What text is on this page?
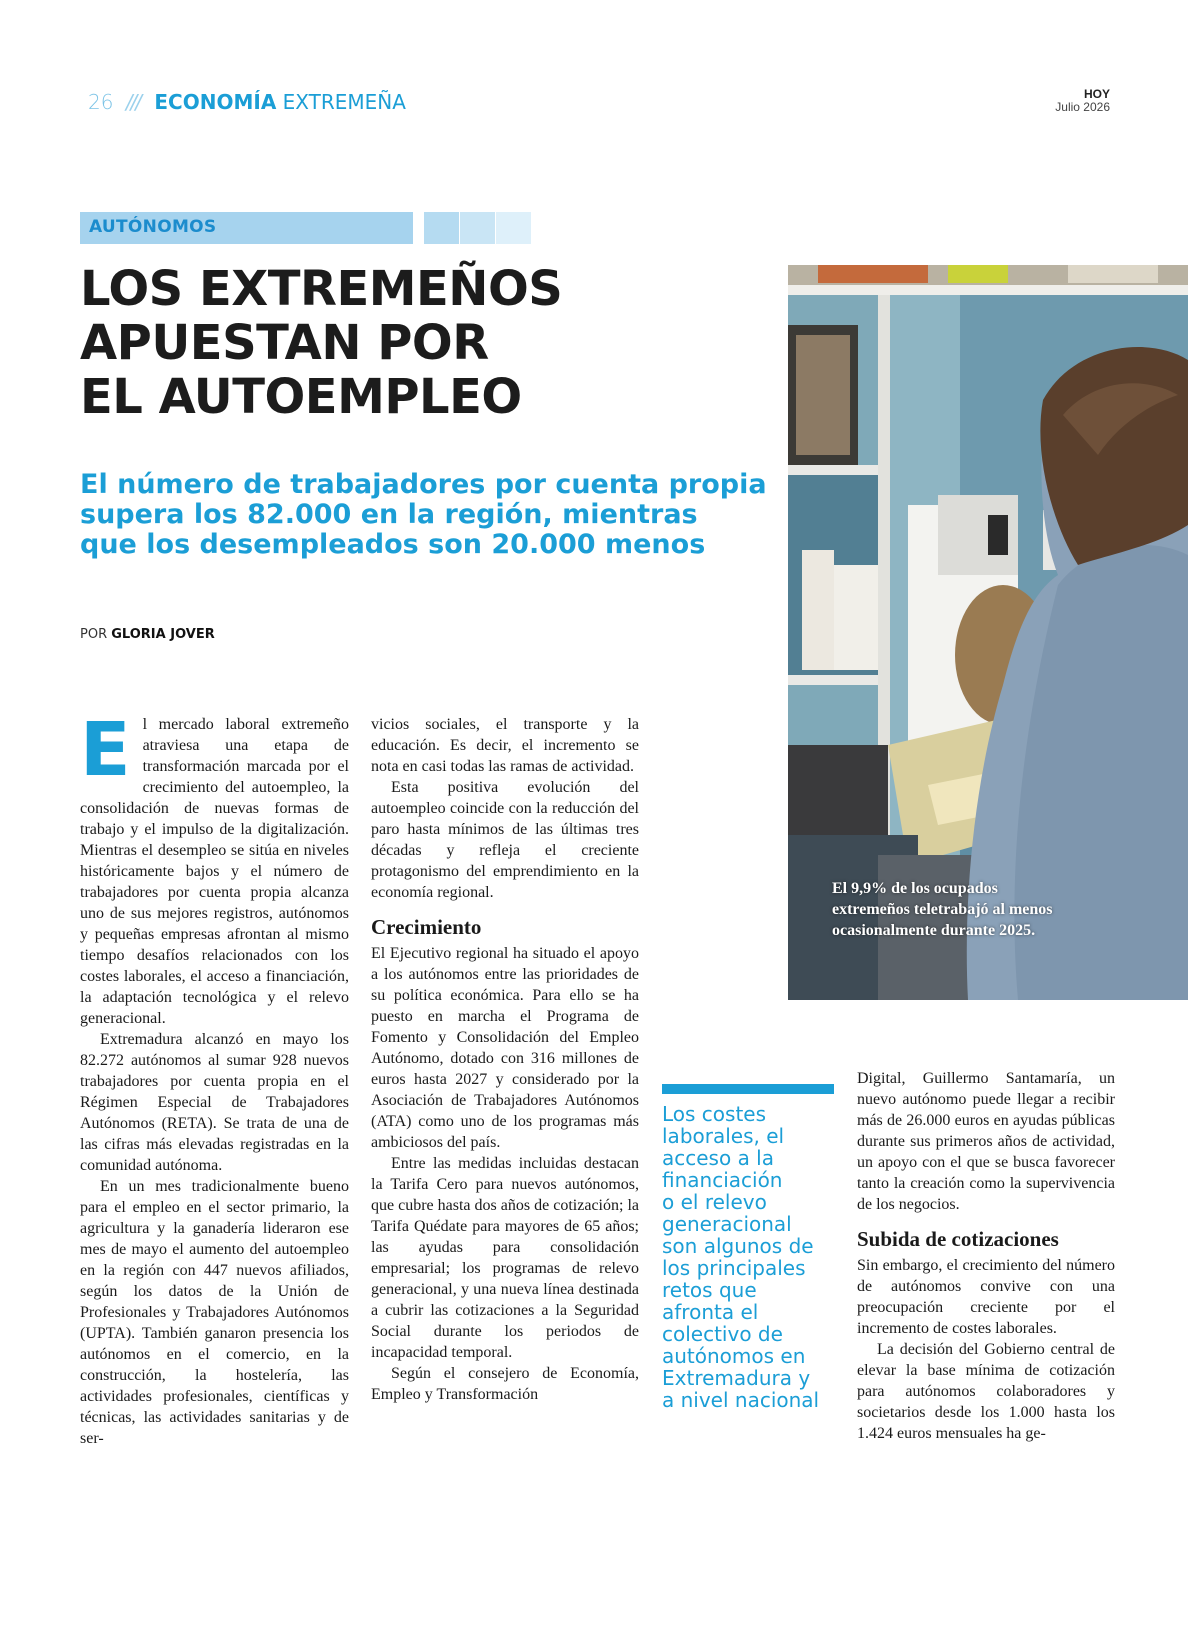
26 /// ECONOMÍA EXTREMEÑA	HOY
Julio 2026
AUTÓNOMOS
LOS EXTREMEÑOS
APUESTAN POR
EL AUTOEMPLEO
El número de trabajadores por cuenta propia
supera los 82.000 en la región, mientras
que los desempleados son 20.000 menos
POR GLORIA JOVER
E l mercado laboral extremeño atraviesa una etapa de transformación marcada por el crecimiento del autoempleo, la consolidación de nuevas formas de trabajo y el impulso de la digitalización. Mientras el desempleo se sitúa en niveles históricamente bajos y el número de trabajadores por cuenta propia alcanza uno de sus mejores registros, autónomos y pequeñas empresas afrontan al mismo tiempo desafíos relacionados con los costes laborales, el acceso a financiación, la adaptación tecnológica y el relevo generacional.

Extremadura alcanzó en mayo los 82.272 autónomos al sumar 928 nuevos trabajadores por cuenta propia en el Régimen Especial de Trabajadores Autónomos (RETA). Se trata de una de las cifras más elevadas registradas en la comunidad autónoma.

En un mes tradicionalmente bueno para el empleo en el sector primario, la agricultura y la ganadería lideraron ese mes de mayo el aumento del autoempleo en la región con 447 nuevos afiliados, según los datos de la Unión de Profesionales y Trabajadores Autónomos (UPTA). También ganaron presencia los autónomos en el comercio, en la construcción, la hostelería, las actividades profesionales, científicas y técnicas, las actividades sanitarias y de ser-

vicios sociales, el transporte y la educación. Es decir, el incremento se nota en casi todas las ramas de actividad.

Esta positiva evolución del autoempleo coincide con la reducción del paro hasta mínimos de las últimas tres décadas y refleja el creciente protagonismo del emprendimiento en la economía regional.

Crecimiento

El Ejecutivo regional ha situado el apoyo a los autónomos entre las prioridades de su política económica. Para ello se ha puesto en marcha el Programa de Fomento y Consolidación del Empleo Autónomo, dotado con 316 millones de euros hasta 2027 y considerado por la Asociación de Trabajadores Autónomos (ATA) como uno de los programas más ambiciosos del país.

Entre las medidas incluidas destacan la Tarifa Cero para nuevos autónomos, que cubre hasta dos años de cotización; la Tarifa Quédate para mayores de 65 años; las ayudas para consolidación empresarial; los programas de relevo generacional, y una nueva línea destinada a cubrir las cotizaciones a la Seguridad Social durante los periodos de incapacidad temporal.

Según el consejero de Economía, Empleo y Transformación

El 9,9% de los ocupados extremeños teletrabajó al menos ocasionalmente durante 2025.
Los costes
laborales, el
acceso a la
financiación
o el relevo
generacional
son algunos de
los principales
retos que
afronta el
colectivo de
autónomos en
Extremadura y
a nivel nacional

Digital, Guillermo Santamaría, un nuevo autónomo puede llegar a recibir más de 26.000 euros en ayudas públicas durante sus primeros años de actividad, un apoyo con el que se busca favorecer tanto la creación como la supervivencia de los negocios.

Subida de cotizaciones

Sin embargo, el crecimiento del número de autónomos convive con una preocupación creciente por el incremento de costes laborales.

La decisión del Gobierno central de elevar la base mínima de cotización para autónomos colaboradores y societarios desde los 1.000 hasta los 1.424 euros mensuales ha ge-
